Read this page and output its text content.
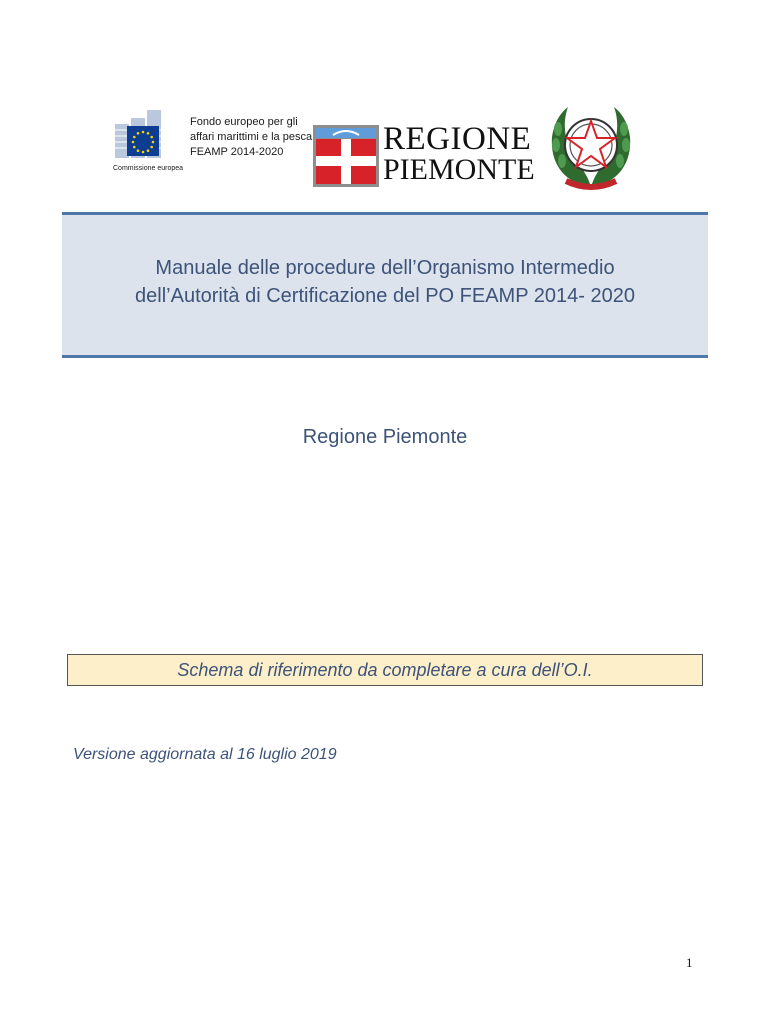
Fondo europeo per gli
affari marittimi e la pesca
FEAMP 2014-2020
Commissione europea
REGIONE
PIEMONTE
Manuale delle procedure dell’Organismo Intermedio
dell’Autorità di Certificazione del PO FEAMP 2014- 2020
Regione Piemonte
Schema di riferimento da completare a cura dell’O.I.
Versione aggiornata al 16 luglio 2019
1
